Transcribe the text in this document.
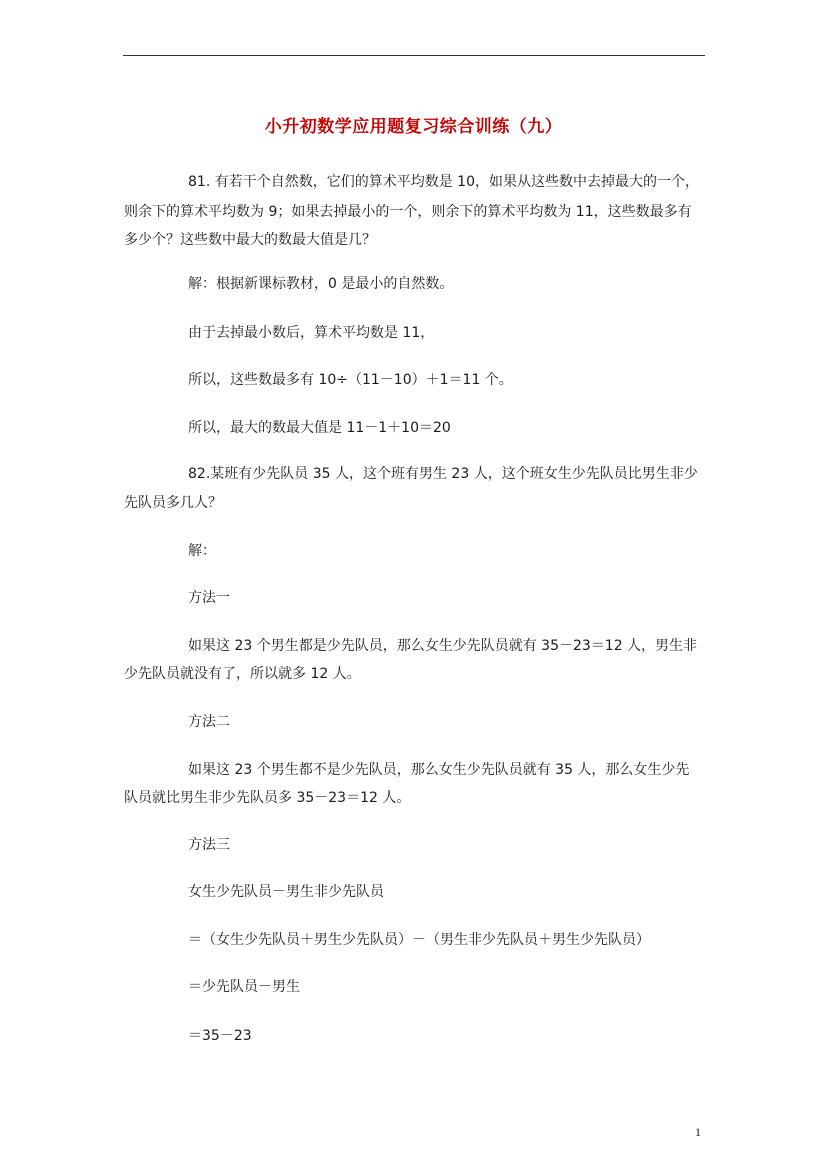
小升初数学应用题复习综合训练（九）
81. 有若干个自然数，它们的算术平均数是 10，如果从这些数中去掉最大的一个，
则余下的算术平均数为 9；如果去掉最小的一个，则余下的算术平均数为 11，这些数最多有
多少个？这些数中最大的数最大值是几？
解：根据新课标教材，0 是最小的自然数。
由于去掉最小数后，算术平均数是 11，
所以，这些数最多有 10÷（11－10）＋1＝11 个。
所以，最大的数最大值是 11－1＋10＝20
82.某班有少先队员 35 人，这个班有男生 23 人，这个班女生少先队员比男生非少
先队员多几人？
解：
方法一
如果这 23 个男生都是少先队员，那么女生少先队员就有 35－23＝12 人，男生非
少先队员就没有了，所以就多 12 人。
方法二
如果这 23 个男生都不是少先队员，那么女生少先队员就有 35 人，那么女生少先
队员就比男生非少先队员多 35－23＝12 人。
方法三
女生少先队员－男生非少先队员
＝（女生少先队员＋男生少先队员）－（男生非少先队员＋男生少先队员）
＝少先队员－男生
＝35－23
1
